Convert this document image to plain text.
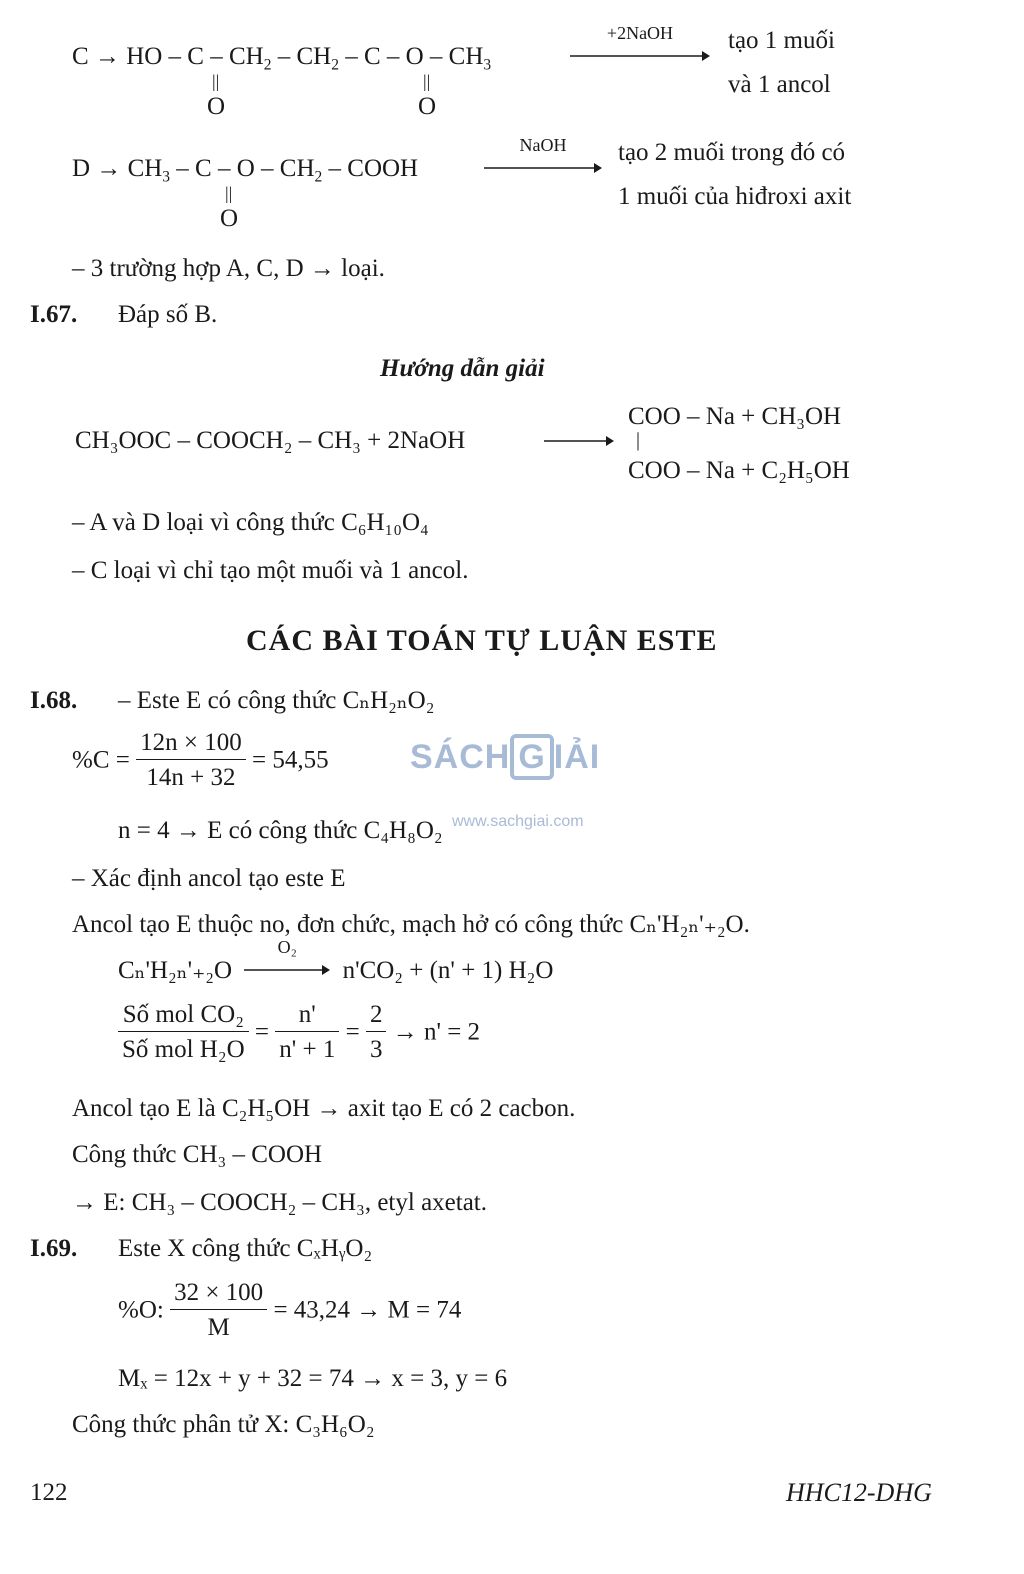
C → HO – C – $CH_2 - CH_2$ – C – O – $CH_3$
||
O
||
O
+2NaOH	tạo 1 muối
và 1 ancol
$D \to CH_3 - C - O - CH_2$ – COOH
||
O
NaOH	tạo 2 muối trong đó có
1 muối của hiđroxi axit
– 3 trường hợp A, C, D → loại.
I.67. Đáp số B.
Hướng dẫn giải
CH₃OOC – COOCH₂ – CH₃ + 2NaOH
COO – Na + CH₃OH
|
COO – Na + C₂H₅OH
– A và D loại vì công thức C₆H₁₀O₄
– C loại vì chỉ tạo một muối và 1 ancol.
CÁC BÀI TOÁN TỰ LUẬN ESTE
I.68. – Este E có công thức CₙH₂ₙO₂
$\%C = \frac{12n \times 100}{14n + 32} = 54,55$
n = 4 → E có công thức C₄H₈O₂
– Xác định ancol tạo este E
Ancol tạo E thuộc no, đơn chức, mạch hở có công thức Cₙ'H₂ₙ'₊₂O.
Cₙ'H₂ₙ'₊₂O
O₂
n'CO₂ + (n' + 1) H₂O
$\frac{\text{Số mol CO₂}}{\text{Số mol H₂O}} = \frac{n'}{n' + 1} = \frac{2}{3} \to n' = 2$
Ancol tạo E là C₂H₅OH → axit tạo E có 2 cacbon.
Công thức CH₃ – COOH
→ E: CH₃ – COOCH₂ – CH₃, etyl axetat.
I.69. Este X công thức CₓHᵧO₂
%O: $\frac{32 \times 100}{M} = 43,24 \to M = 74$
Mₓ = 12x + y + 32 = 74 → x = 3, y = 6
Công thức phân tử X: C₃H₆O₂
SÁCH G IẢI
www.sachgiai.com
122	HHC12-DHG
